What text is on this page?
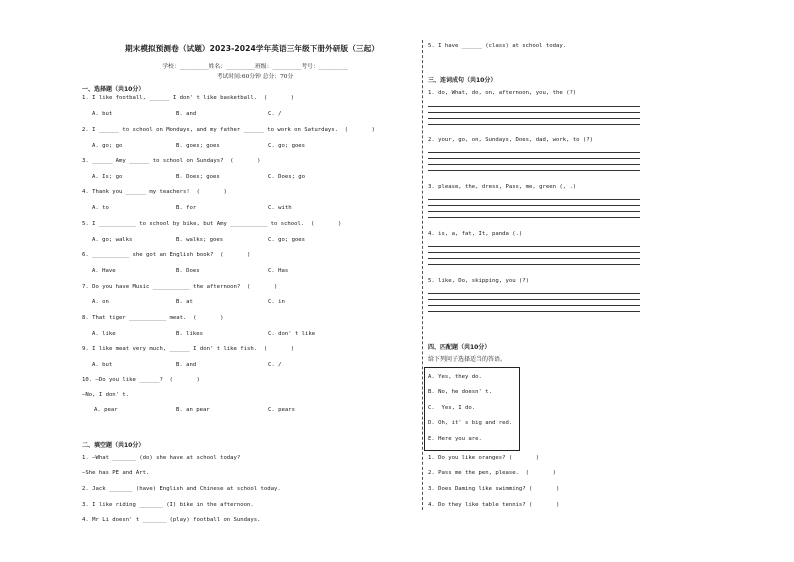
期末模拟预测卷（试题）2023-2024学年英语三年级下册外研版（三起）
学校：__________姓名：__________班级：__________考号：__________
考试时间:60分钟 总分：70分
一、选择题（共10分）
1. I like football, ______ I don' t like basketball.  (       )
A. but	B. and	C. /
2. I ______ to school on Mondays, and my father ______ to work on Saturdays.  (       )
A. go; go	B. goes; goes	C. go; goes
3. ______ Amy ______ to school on Sundays?  (       )
A. Is; go	B. Does; goes	C. Does; go
4. Thank you ______ my teachers!  (       )
A. to	B. for	C. with
5. I ___________ to school by bike, but Amy ___________ to school.  (       )
A. go; walks	B. walks; goes	C. go; goes
6. ___________ she got an English book?  (       )
A. Have	B. Does	C. Has
7. Do you have Music ___________ the afternoon?  (       )
A. on	B. at	C. in
8. That tiger ___________ meat.  (       )
A. like	B. likes	C. don' t like
9. I like meat very much, ______ I don' t like fish.  (       )
A. but	B. and	C. /
10. —Do you like ______?  (       )
—No, I don' t.
A. pear	B. an pear	C. pears
二、填空题（共10分）
1. —What _______ (do) she have at school today?
—She has PE and Art.
2. Jack _______ (have) English and Chinese at school today.
3. I like riding _______ (I) bike in the afternoon.
4. Mr Li doesn' t _______ (play) football on Sundays.
5. I have ______ (class) at school today.
三、连词成句（共10分）
1. do, What, do, on, afternoon, you, the (?)
2. your, go, on, Sundays, Does, dad, work, to (?)
3. please, the, dress, Pass, me, green (, .)
4. is, a, fat, It, panda (.)
5. like, Do, skipping, you (?)
四、匹配题（共10分）
给下列问子选择适当的答语。
A. Yes, they do.
B. No, he doesn' t.
C.  Yes, I do.
D. Oh, it' s big and red.
E. Here you are.
1. Do you like oranges? (       )
2. Pass me the pen, please.  (       )
3. Does Daming like swimming? (       )
4. Do they like table tennis? (       )
